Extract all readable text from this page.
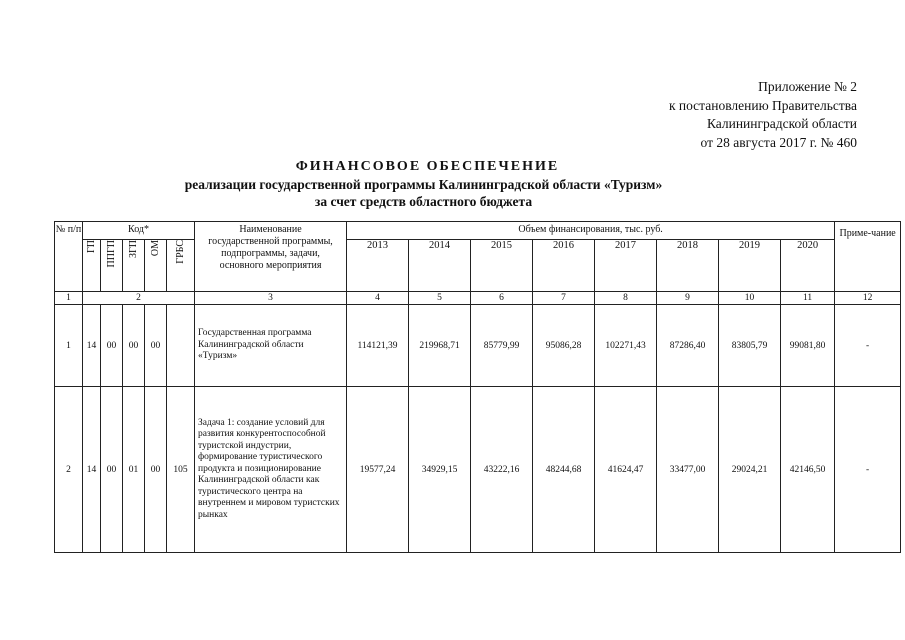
Приложение № 2
к постановлению Правительства
Калининградской области
от 28 августа 2017 г. № 460
ФИНАНСОВОЕ ОБЕСПЕЧЕНИЕ
реализации государственной программы Калининградской области «Туризм»
за счет средств областного бюджета
№ п/п	Код*					Наименование государственной программы, подпрограммы, задачи, основного мероприятия	Объем финансирования, тыс. руб.								Приме-чание

	ГП	ППГП	ЗГП	ОМ	ГРБС		2013	2014	2015	2016	2017	2018	2019	2020	
1	2					3	4	5	6	7	8	9	10	11	12
1	14	00	00	00		Государственная программа Калининградской области «Туризм»	114121,39	219968,71	85779,99	95086,28	102271,43	87286,40	83805,79	99081,80	-
2	14	00	01	00	105	Задача 1: создание условий для развития конкурентоспособной туристской индустрии, формирование туристического продукта и позиционирование Калининградской области как туристического центра на внутреннем и мировом туристских рынках	19577,24	34929,15	43222,16	48244,68	41624,47	33477,00	29024,21	42146,50	-
